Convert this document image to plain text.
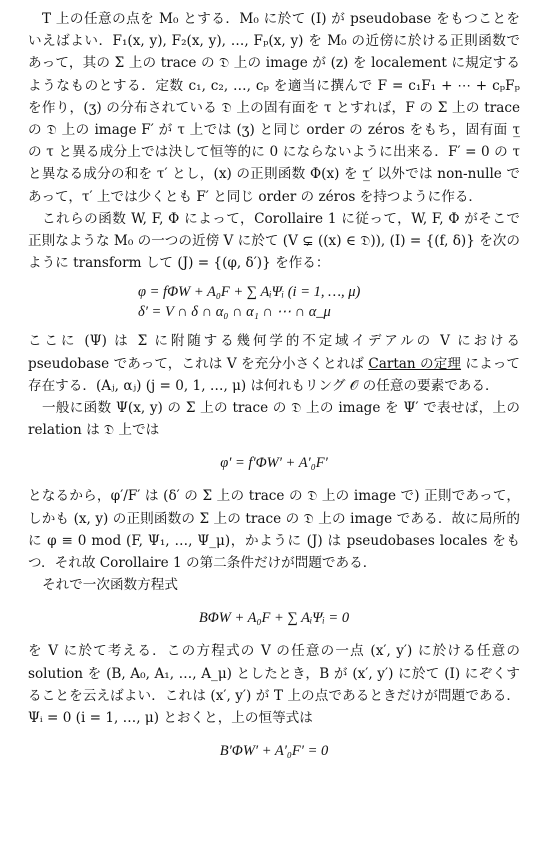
T 上の任意の点を M₀ とする．M₀ に於て (I) が pseudobase をもつことをいえばよい．F₁(x, y), F₂(x, y), …, Fₚ(x, y) を M₀ の近傍に於ける正則函数であって，其の Σ 上の trace の 𝔇 上の image が (z) を localement に規定するようなものとする．定数 c₁, c₂, …, cₚ を適当に撰んで F = c₁F₁ + ⋯ + cₚFₚ を作り，(ʒ) の分布されている 𝔇 上の固有面を τ とすれば，F の Σ 上の trace の 𝔇 上の image F′ が τ 上では (ʒ) と同じ order の zéros をもち，固有面 τ̲ の τ と異る成分上では決して恒等的に 0 にならないように出来る．F′ = 0 の τ と異なる成分の和を τ′ とし，(x) の正則函数 Φ(x) を τ̲′ 以外では non-nulle であって，τ′ 上では少くとも F′ と同じ order の zéros を持つように作る．

これらの函数 W, F, Φ によって，Corollaire 1 に従って，W, F, Φ がそこで正則なような M₀ の一つの近傍 V に於て (V ⊊ ((x) ∈ 𝔇)), (I) = {(f, δ)} を次のように transform して (J) = {(φ, δ′)} を作る：

φ = fΦW + A₀F + ∑ AᵢΨᵢ (i = 1, …, μ)

δ′ = V ∩ δ ∩ α₀ ∩ α₁ ∩ ⋯ ∩ α_μ

ここに (Ψ) は Σ に附随する幾何学的不定域イデアルの V における pseudobase であって，これは V を充分小さくとれば Cartan の定理 によって存在する．(Aⱼ, αⱼ) (j = 0, 1, …, μ) は何れもリング 𝒪 の任意の要素である．

一般に函数 Ψ(x, y) の Σ 上の trace の 𝔇 上の image を Ψ′ で表せば，上の relation は 𝔇 上では

φ′ = f′ΦW′ + A′₀F′

となるから，φ′/F′ は (δ′ の Σ 上の trace の 𝔇 上の image で) 正則であって，しかも (x, y) の正則函数の Σ 上の trace の 𝔇 上の image である．故に局所的に φ ≡ 0 mod (F, Ψ₁, …, Ψ_μ)，かように (J) は pseudobases locales をもつ．それ故 Corollaire 1 の第二条件だけが問題である．

それで一次函数方程式

BΦW + A₀F + ∑ AᵢΨᵢ = 0

を V に於て考える．この方程式の V の任意の一点 (x′, y′) に於ける任意の solution を (B, A₀, A₁, …, A_μ) としたとき，B が (x′, y′) に於て (I) にぞくすることを云えばよい．これは (x′, y′) が T 上の点であるときだけが問題である．Ψᵢ = 0 (i = 1, …, μ) とおくと，上の恒等式は

B′ΦW′ + A′₀F′ = 0
